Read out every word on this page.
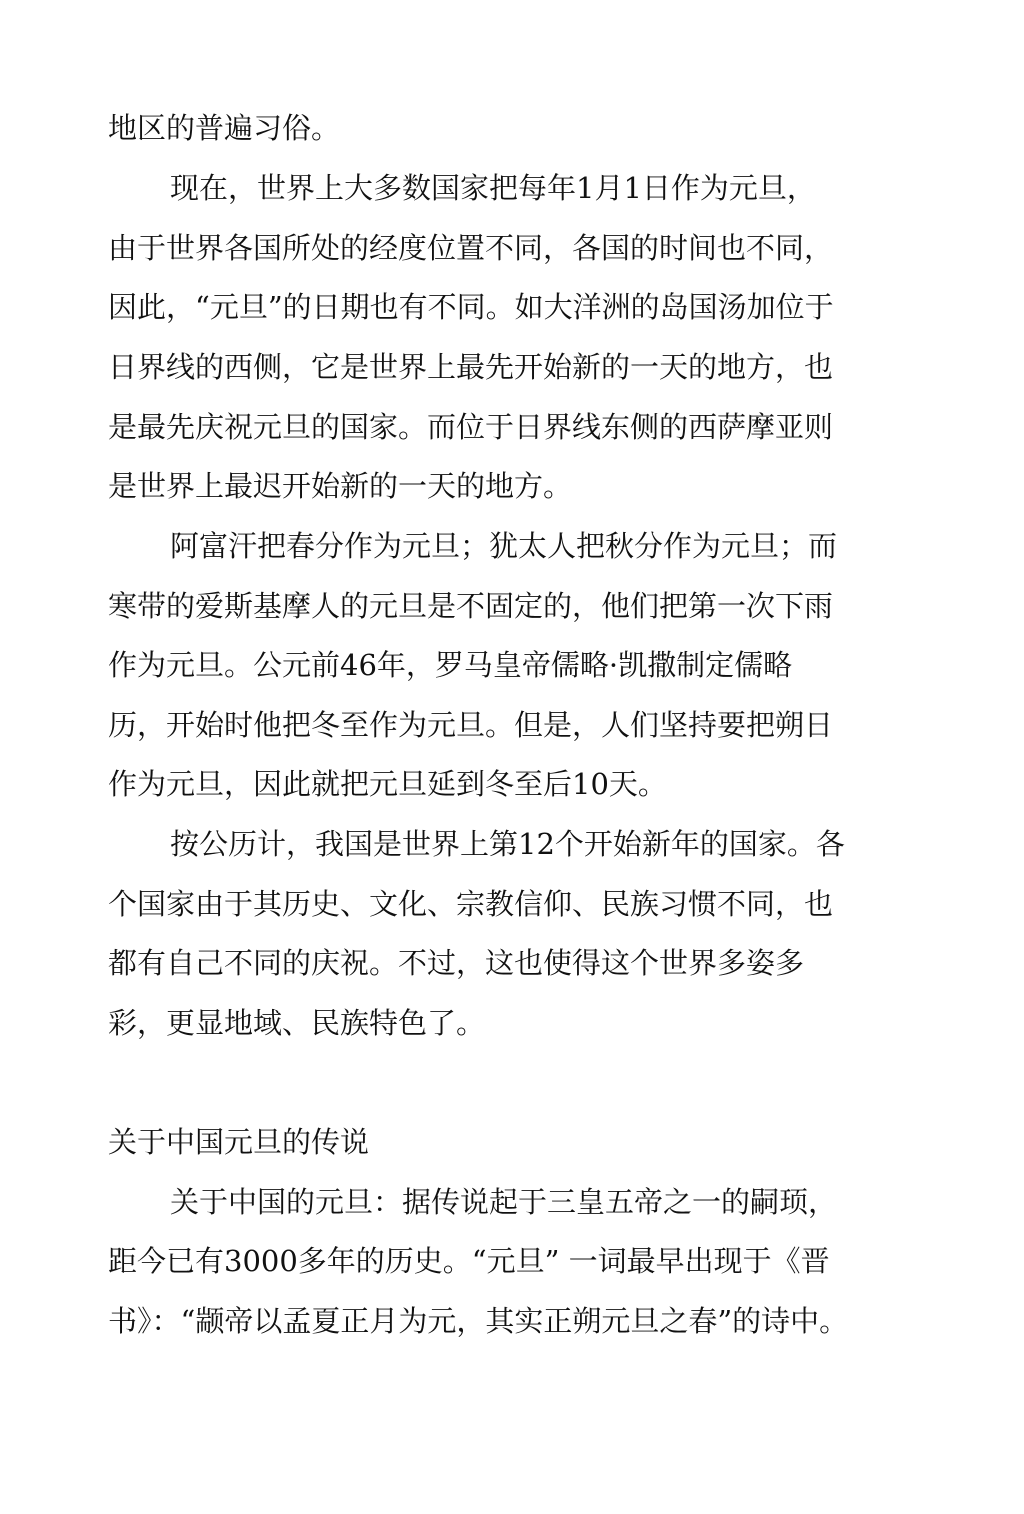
地区的普遍习俗。
现在，世界上大多数国家把每年1月1日作为元旦，
由于世界各国所处的经度位置不同，各国的时间也不同，
因此，“元旦”的日期也有不同。如大洋洲的岛国汤加位于
日界线的西侧，它是世界上最先开始新的一天的地方，也
是最先庆祝元旦的国家。而位于日界线东侧的西萨摩亚则
是世界上最迟开始新的一天的地方。
阿富汗把春分作为元旦；犹太人把秋分作为元旦；而
寒带的爱斯基摩人的元旦是不固定的，他们把第一次下雨
作为元旦。公元前46年，罗马皇帝儒略·凯撒制定儒略
历，开始时他把冬至作为元旦。但是，人们坚持要把朔日
作为元旦，因此就把元旦延到冬至后10天。
按公历计，我国是世界上第12个开始新年的国家。各
个国家由于其历史、文化、宗教信仰、民族习惯不同，也
都有自己不同的庆祝。不过，这也使得这个世界多姿多
彩，更显地域、民族特色了。
关于中国元旦的传说
关于中国的元旦：据传说起于三皇五帝之一的嗣顼，
距今已有3000多年的历史。“元旦” 一词最早出现于《晋
书》：“颛帝以孟夏正月为元，其实正朔元旦之春”的诗中。
